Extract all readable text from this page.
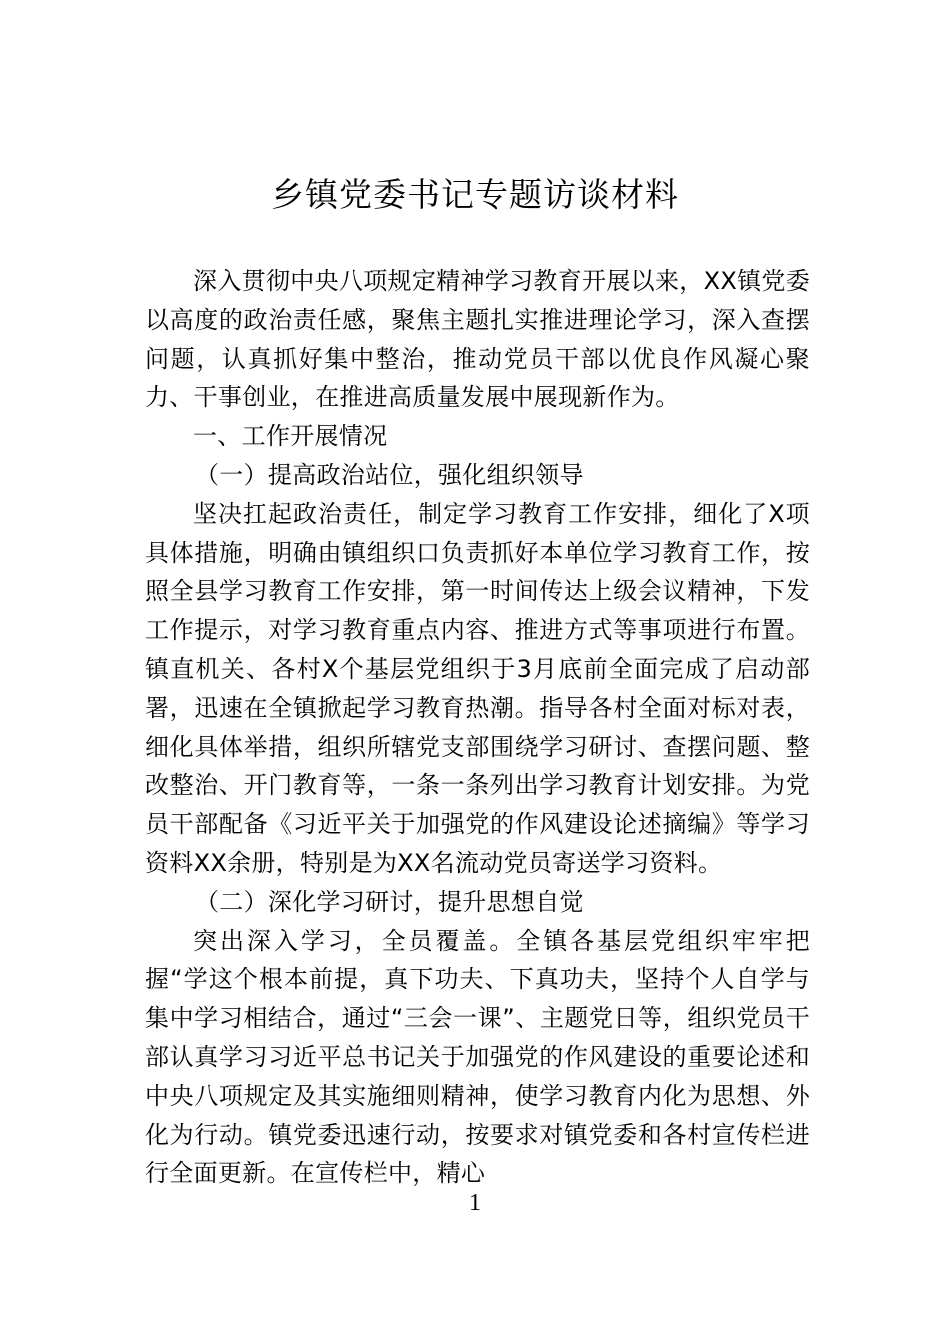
乡镇党委书记专题访谈材料

深入贯彻中央八项规定精神学习教育开展以来，XX镇党委以高度的政治责任感，聚焦主题扎实推进理论学习，深入查摆问题，认真抓好集中整治，推动党员干部以优良作风凝心聚力、干事创业，在推进高质量发展中展现新作为。

一、工作开展情况

（一）提高政治站位，强化组织领导

坚决扛起政治责任，制定学习教育工作安排，细化了X项具体措施，明确由镇组织口负责抓好本单位学习教育工作，按照全县学习教育工作安排，第一时间传达上级会议精神，下发工作提示，对学习教育重点内容、推进方式等事项进行布置。镇直机关、各村X个基层党组织于3月底前全面完成了启动部署，迅速在全镇掀起学习教育热潮。指导各村全面对标对表，细化具体举措，组织所辖党支部围绕学习研讨、查摆问题、整改整治、开门教育等，一条一条列出学习教育计划安排。为党员干部配备《习近平关于加强党的作风建设论述摘编》等学习资料XX余册，特别是为XX名流动党员寄送学习资料。

（二）深化学习研讨，提升思想自觉

突出深入学习，全员覆盖。全镇各基层党组织牢牢把握“学这个根本前提，真下功夫、下真功夫，坚持个人自学与集中学习相结合，通过“三会一课”、主题党日等，组织党员干部认真学习习近平总书记关于加强党的作风建设的重要论述和中央八项规定及其实施细则精神，使学习教育内化为思想、外化为行动。镇党委迅速行动，按要求对镇党委和各村宣传栏进行全面更新。在宣传栏中，精心

1
